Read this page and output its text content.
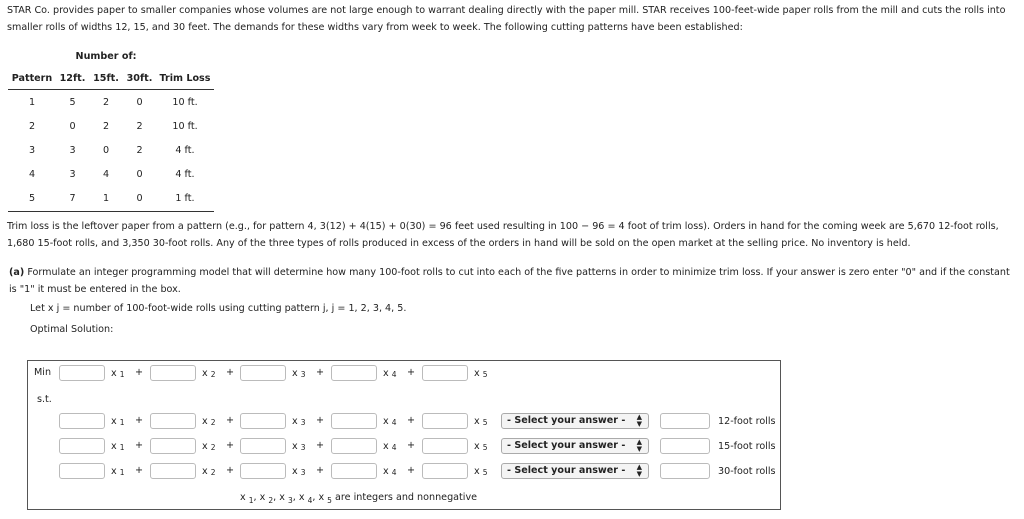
STAR Co. provides paper to smaller companies whose volumes are not large enough to warrant dealing directly with the paper mill. STAR receives 100-feet-wide paper rolls from the mill and cuts the rolls into smaller rolls of widths 12, 15, and 30 feet. The demands for these widths vary from week to week. The following cutting patterns have been established:

	Number of:			
Pattern	12ft.	15ft.	30ft.	Trim Loss
1	5	2	0	10 ft.
2	0	2	2	10 ft.
3	3	0	2	4 ft.
4	3	4	0	4 ft.
5	7	1	0	1 ft.

Trim loss is the leftover paper from a pattern (e.g., for pattern 4, 3(12) + 4(15) + 0(30) = 96 feet used resulting in 100 − 96 = 4 foot of trim loss). Orders in hand for the coming week are 5,670 12-foot rolls, 1,680 15-foot rolls, and 3,350 30-foot rolls. Any of the three types of rolls produced in excess of the orders in hand will be sold on the open market at the selling price. No inventory is held.

(a) Formulate an integer programming model that will determine how many 100-foot rolls to cut into each of the five patterns in order to minimize trim loss. If your answer is zero enter "0" and if the constant is "1" it must be entered in the box.

Let x j = number of 100-foot-wide rolls using cutting pattern j, j = 1, 2, 3, 4, 5.

Optimal Solution:

Min
s.t.
x $_1$ +	x $_2$ +	x $_3$ +	x $_4$ +	x $_5$
x $_1$ +	x $_2$ +	x $_3$ +	x $_4$ +	x $_5$	- Select your answer - ▲
▼	12-foot rolls
x $_1$ +	x $_2$ +	x $_3$ +	x $_4$ +	x $_5$	- Select your answer - ▲
▼	15-foot rolls
x $_1$ +	x $_2$ +	x $_3$ +	x $_4$ +	x $_5$	- Select your answer - ▲
▼	30-foot rolls
x $_1$, x $_2$, x $_3$, x $_4$, x $_5$ are integers and nonnegative
